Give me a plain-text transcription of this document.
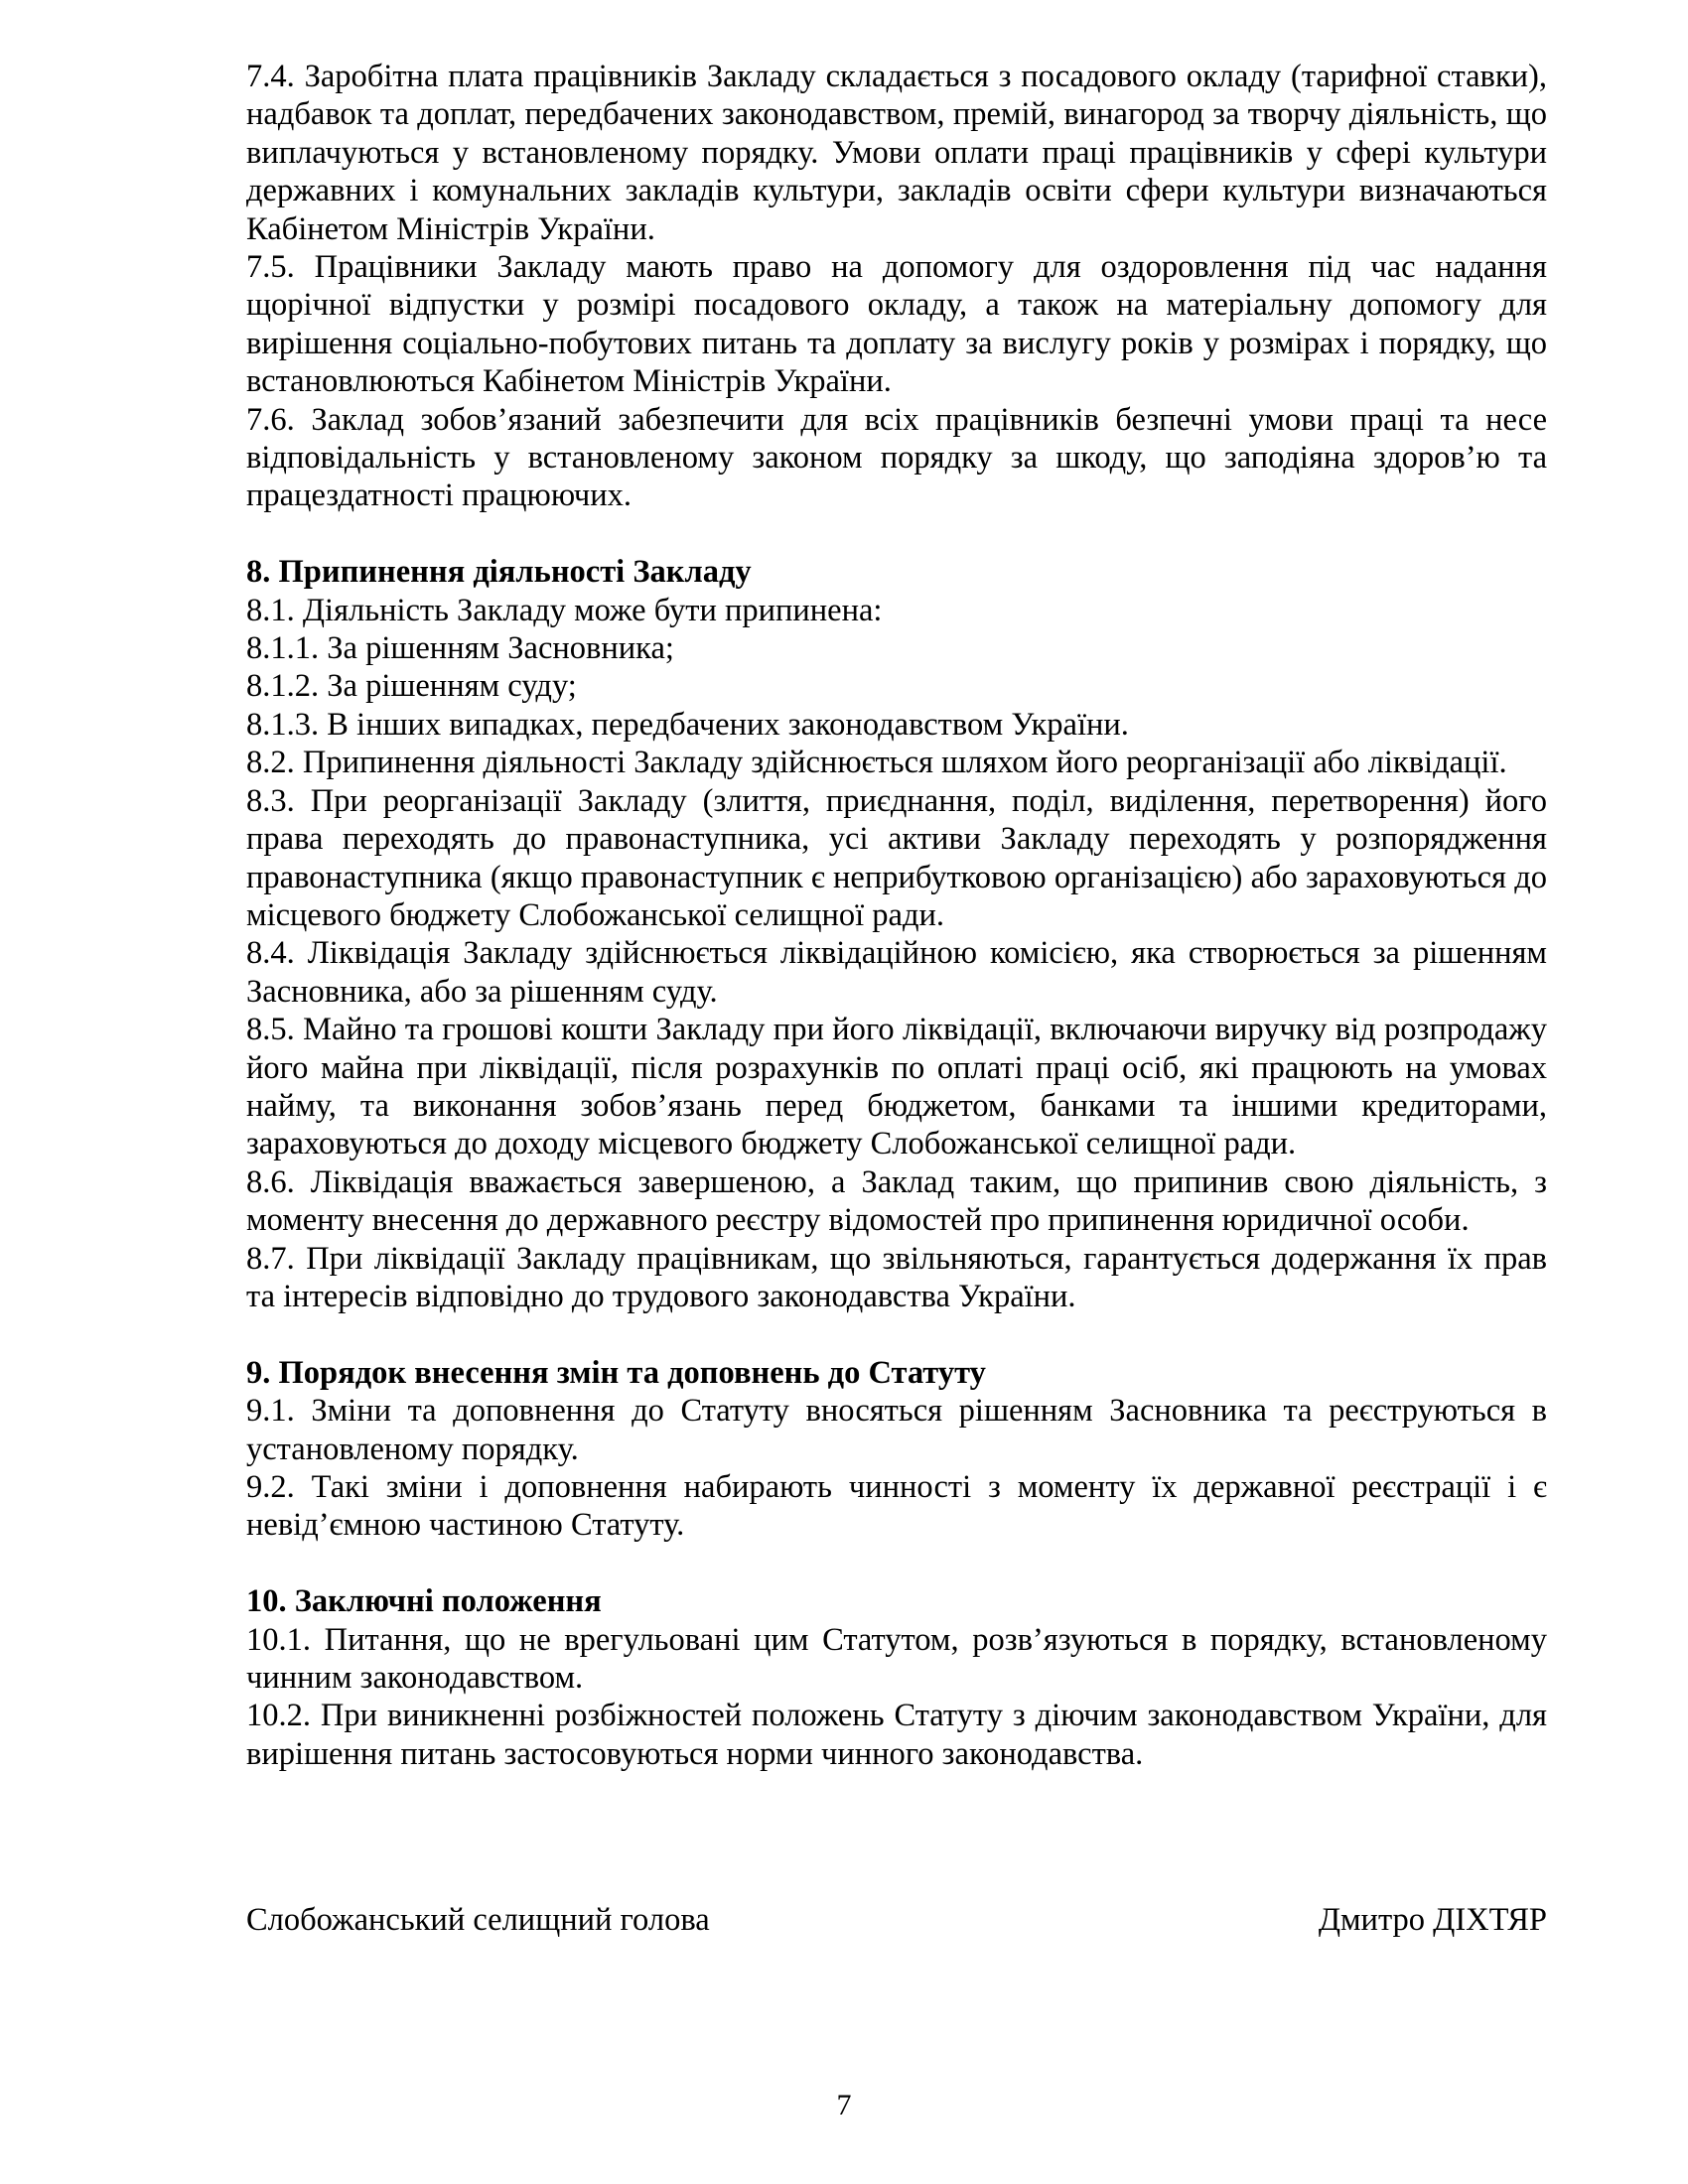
7.4. Заробітна плата працівників Закладу складається з посадового окладу (тарифної ставки), надбавок та доплат, передбачених законодавством, премій, винагород за творчу діяльність, що виплачуються у встановленому порядку. Умови оплати праці працівників у сфері культури державних і комунальних закладів культури, закладів освіти сфери культури визначаються Кабінетом Міністрів України.

7.5. Працівники Закладу мають право на допомогу для оздоровлення під час надання щорічної відпустки у розмірі посадового окладу, а також на матеріальну допомогу для вирішення соціально-побутових питань та доплату за вислугу років у розмірах і порядку, що встановлюються Кабінетом Міністрів України.

7.6. Заклад зобов’язаний забезпечити для всіх працівників безпечні умови праці та несе відповідальність у встановленому законом порядку за шкоду, що заподіяна здоров’ю та працездатності працюючих.

8. Припинення діяльності Закладу

8.1. Діяльність Закладу може бути припинена:

8.1.1. За рішенням Засновника;

8.1.2. За рішенням суду;

8.1.3. В інших випадках, передбачених законодавством України.

8.2. Припинення діяльності Закладу здійснюється шляхом його реорганізації або ліквідації.

8.3. При реорганізації Закладу (злиття, приєднання, поділ, виділення, перетворення) його права переходять до правонаступника, усі активи Закладу переходять у розпорядження правонаступника (якщо правонаступник є неприбутковою організацією) або зараховуються до місцевого бюджету Слобожанської селищної ради.

8.4. Ліквідація Закладу здійснюється ліквідаційною комісією, яка створюється за рішенням Засновника, або за рішенням суду.

8.5. Майно та грошові кошти Закладу при його ліквідації, включаючи виручку від розпродажу його майна при ліквідації, після розрахунків по оплаті праці осіб, які працюють на умовах найму, та виконання зобов’язань перед бюджетом, банками та іншими кредиторами, зараховуються до доходу місцевого бюджету Слобожанської селищної ради.

8.6. Ліквідація вважається завершеною, а Заклад таким, що припинив свою діяльність, з моменту внесення до державного реєстру відомостей про припинення юридичної особи.

8.7. При ліквідації Закладу працівникам, що звільняються, гарантується додержання їх прав та інтересів відповідно до трудового законодавства України.

9. Порядок внесення змін та доповнень до Статуту

9.1. Зміни та доповнення до Статуту вносяться рішенням Засновника та реєструються в установленому порядку.

9.2. Такі зміни і доповнення набирають чинності з моменту їх державної реєстрації і є невід’ємною частиною Статуту.

10. Заключні положення

10.1. Питання, що не врегульовані цим Статутом, розв’язуються в порядку, встановленому чинним законодавством.

10.2. При виникненні розбіжностей положень Статуту з діючим законодавством України, для вирішення питань застосовуються норми чинного законодавства.

Слобожанський селищний голова	Дмитро ДІХТЯР
7
